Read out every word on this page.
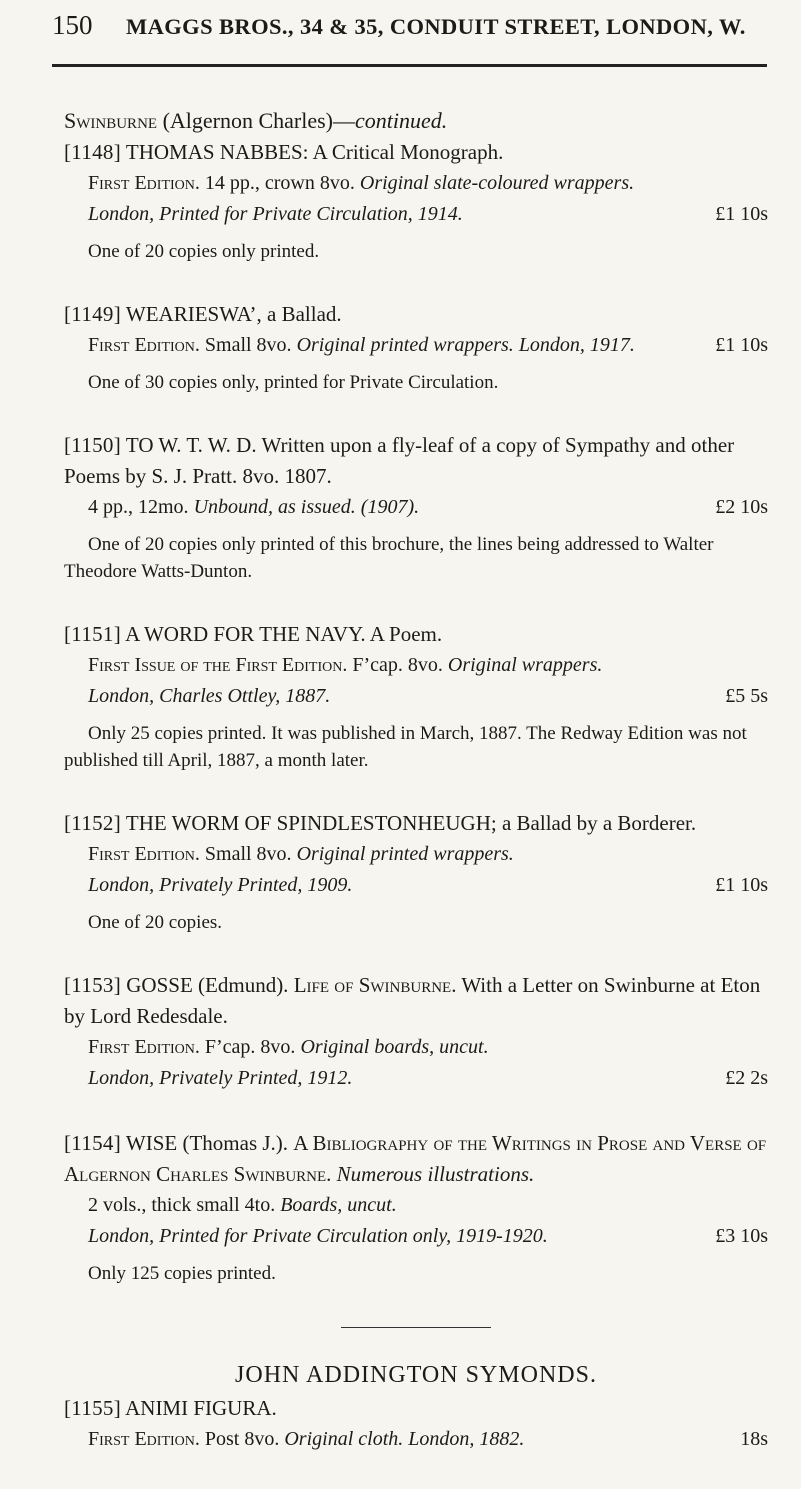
150	MAGGS BROS., 34 & 35, CONDUIT STREET, LONDON, W.
Swinburne (Algernon Charles)—continued.
[1148] THOMAS NABBES: A Critical Monograph.
First Edition. 14 pp., crown 8vo. Original slate-coloured wrappers.
London, Printed for Private Circulation, 1914.	£1 10s
One of 20 copies only printed.
[1149] WEARIESWA’, a Ballad.
First Edition. Small 8vo. Original printed wrappers. London, 1917.	£1 10s
One of 30 copies only, printed for Private Circulation.
[1150] TO W. T. W. D. Written upon a fly-leaf of a copy of Sympathy and other Poems by S. J. Pratt. 8vo. 1807.
4 pp., 12mo. Unbound, as issued. (1907).	£2 10s
One of 20 copies only printed of this brochure, the lines being addressed to Walter Theodore Watts-Dunton.
[1151] A WORD FOR THE NAVY. A Poem.
First Issue of the First Edition. F’cap. 8vo. Original wrappers.
London, Charles Ottley, 1887.	£5 5s
Only 25 copies printed. It was published in March, 1887. The Redway Edition was not published till April, 1887, a month later.
[1152] THE WORM OF SPINDLESTONHEUGH; a Ballad by a Borderer.
First Edition. Small 8vo. Original printed wrappers.
London, Privately Printed, 1909.	£1 10s
One of 20 copies.
[1153] GOSSE (Edmund). Life of Swinburne. With a Letter on Swinburne at Eton by Lord Redesdale.
First Edition. F’cap. 8vo. Original boards, uncut.
London, Privately Printed, 1912.	£2 2s
[1154] WISE (Thomas J.). A Bibliography of the Writings in Prose and Verse of Algernon Charles Swinburne. Numerous illustrations.
2 vols., thick small 4to. Boards, uncut.
London, Printed for Private Circulation only, 1919-1920.	£3 10s
Only 125 copies printed.
JOHN ADDINGTON SYMONDS.
[1155] ANIMI FIGURA.
First Edition. Post 8vo. Original cloth. London, 1882.	18s
